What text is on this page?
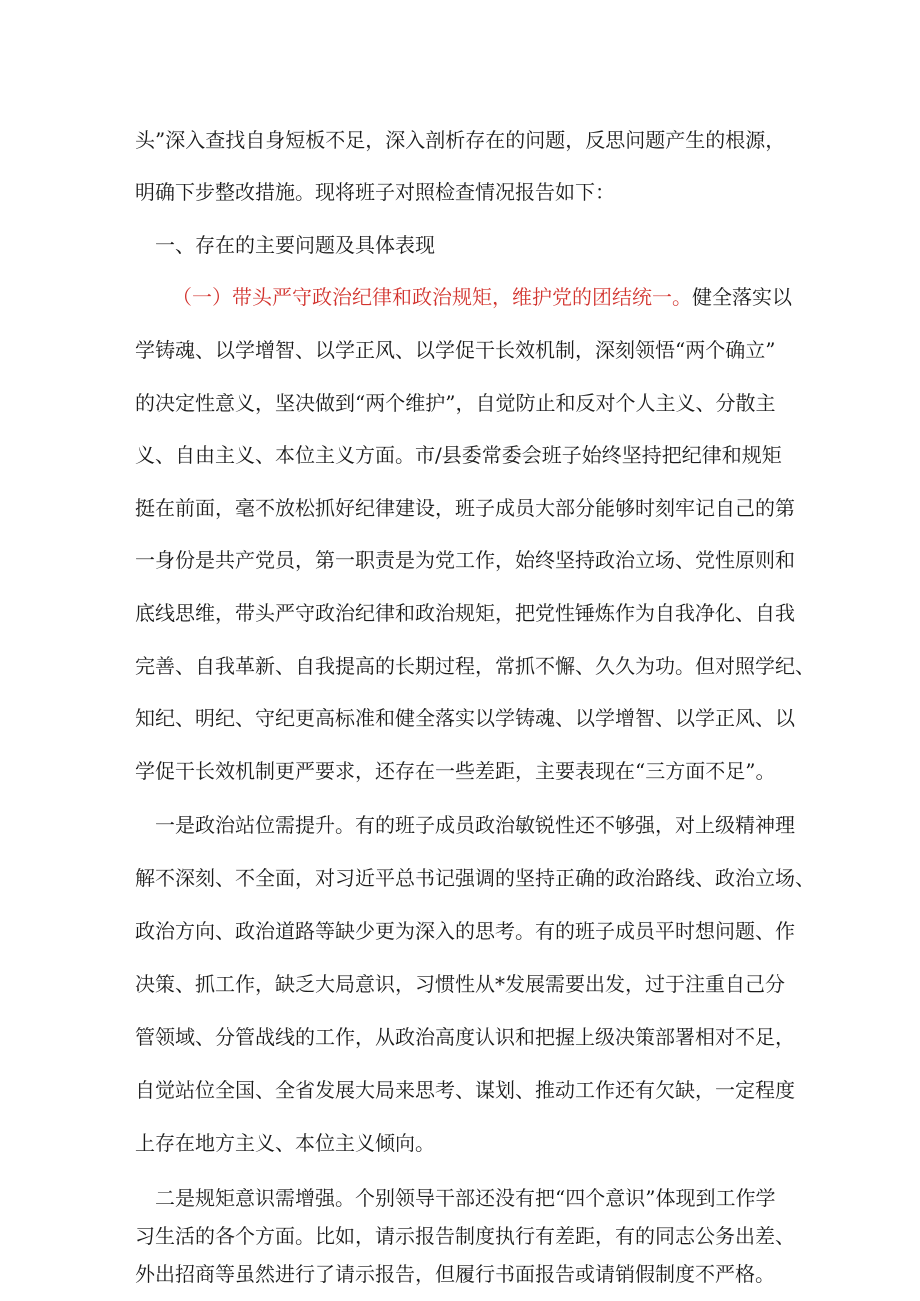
头”深入查找自身短板不足，深入剖析存在的问题，反思问题产生的根源，
明确下步整改措施。现将班子对照检查情况报告如下：
一、存在的主要问题及具体表现
（一）带头严守政治纪律和政治规矩，维护党的团结统一。健全落实以
学铸魂、以学增智、以学正风、以学促干长效机制，深刻领悟“两个确立”
的决定性意义，坚决做到“两个维护”，自觉防止和反对个人主义、分散主
义、自由主义、本位主义方面。市/县委常委会班子始终坚持把纪律和规矩
挺在前面，毫不放松抓好纪律建设，班子成员大部分能够时刻牢记自己的第
一身份是共产党员，第一职责是为党工作，始终坚持政治立场、党性原则和
底线思维，带头严守政治纪律和政治规矩，把党性锤炼作为自我净化、自我
完善、自我革新、自我提高的长期过程，常抓不懈、久久为功。但对照学纪、
知纪、明纪、守纪更高标准和健全落实以学铸魂、以学增智、以学正风、以
学促干长效机制更严要求，还存在一些差距，主要表现在“三方面不足”。
一是政治站位需提升。有的班子成员政治敏锐性还不够强，对上级精神理
解不深刻、不全面，对习近平总书记强调的坚持正确的政治路线、政治立场、
政治方向、政治道路等缺少更为深入的思考。有的班子成员平时想问题、作
决策、抓工作，缺乏大局意识，习惯性从*发展需要出发，过于注重自己分
管领域、分管战线的工作，从政治高度认识和把握上级决策部署相对不足，
自觉站位全国、全省发展大局来思考、谋划、推动工作还有欠缺，一定程度
上存在地方主义、本位主义倾向。
二是规矩意识需增强。个别领导干部还没有把“四个意识”体现到工作学
习生活的各个方面。比如，请示报告制度执行有差距，有的同志公务出差、
外出招商等虽然进行了请示报告，但履行书面报告或请销假制度不严格。
